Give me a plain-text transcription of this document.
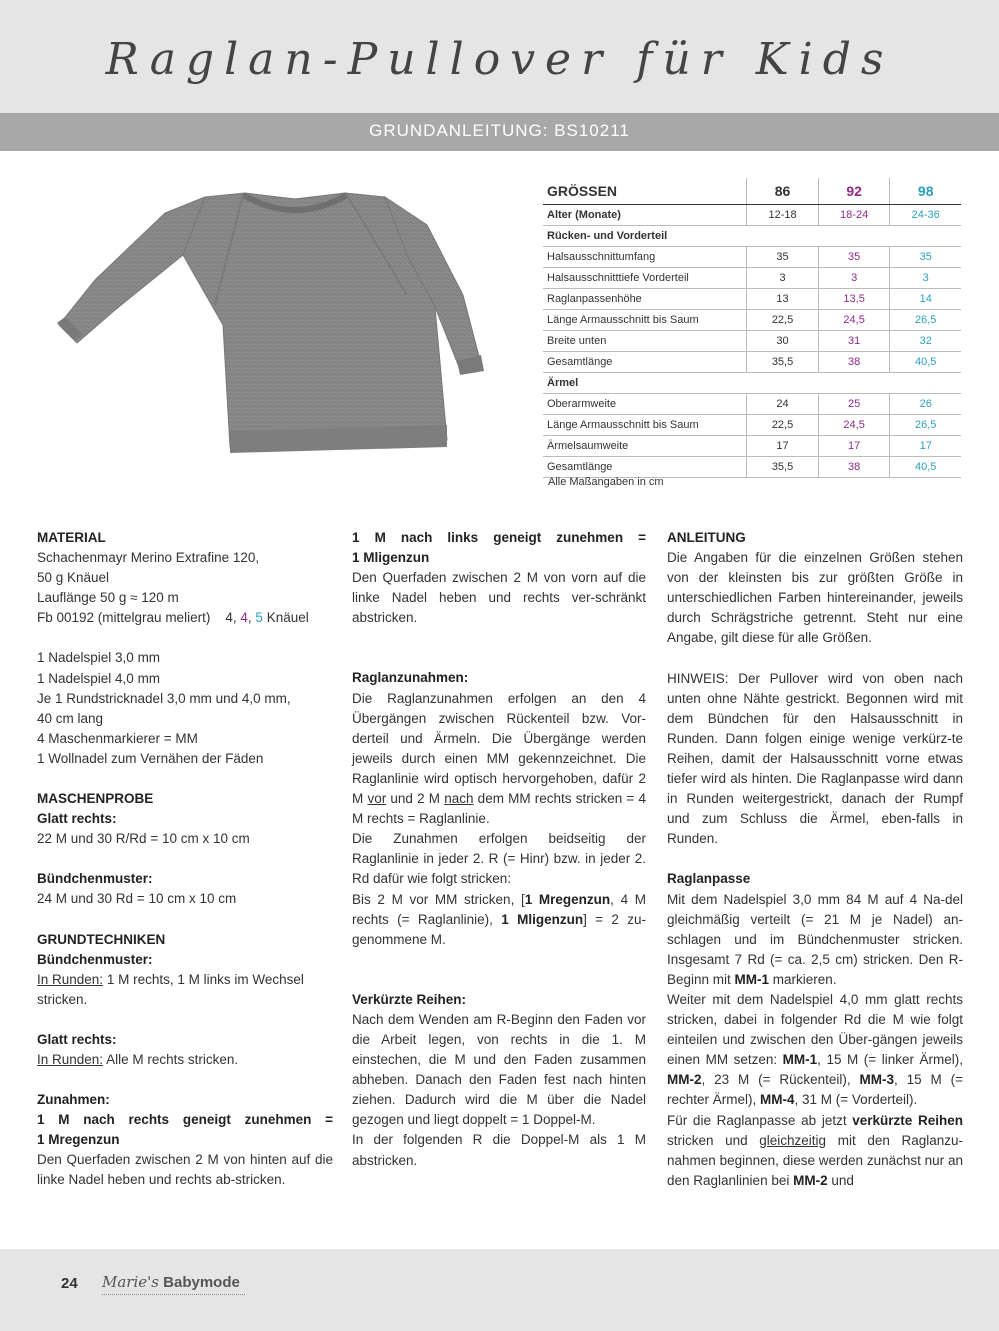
Raglan-Pullover für Kids
GRUNDANLEITUNG: BS10211
GRÖSSEN	86	92	98
Alter (Monate)	12-18	18-24	24-36
Rücken- und Vorderteil			
Halsausschnittumfang	35	35	35
Halsausschnitttiefe Vorderteil	3	3	3
Raglanpassenhöhe	13	13,5	14
Länge Armausschnitt bis Saum	22,5	24,5	26,5
Breite unten	30	31	32
Gesamtlänge	35,5	38	40,5
Ärmel			
Oberarmweite	24	25	26
Länge Armausschnitt bis Saum	22,5	24,5	26,5
Ärmelsaumweite	17	17	17
Gesamtlänge	35,5	38	40,5
Alle Maßangaben in cm

MATERIAL

Schachenmayr Merino Extrafine 120,

50 g Knäuel

Lauflänge 50 g ≈ 120 m

Fb 00192 (mittelgrau meliert) 4, 4, 5 Knäuel

1 Nadelspiel 3,0 mm

1 Nadelspiel 4,0 mm

Je 1 Rundstricknadel 3,0 mm und 4,0 mm,

40 cm lang

4 Maschenmarkierer = MM

1 Wollnadel zum Vernähen der Fäden

MASCHENPROBE

Glatt rechts:

22 M und 30 R/Rd = 10 cm x 10 cm

Bündchenmuster:

24 M und 30 Rd = 10 cm x 10 cm

GRUNDTECHNIKEN

Bündchenmuster:

In Runden: 1 M rechts, 1 M links im Wechsel

stricken.

Glatt rechts:

In Runden: Alle M rechts stricken.

Zunahmen:

1 M nach rechts geneigt zunehmen =

1 Mregenzun

Den Querfaden zwischen 2 M von hinten auf die linke Nadel heben und rechts ab-stricken.

1 M nach links geneigt zunehmen =

1 Mligenzun

Den Querfaden zwischen 2 M von vorn auf die linke Nadel heben und rechts ver-schränkt abstricken.

Raglanzunahmen:

Die Raglanzunahmen erfolgen an den 4 Übergängen zwischen Rückenteil bzw. Vor-derteil und Ärmeln. Die Übergänge werden jeweils durch einen MM gekennzeichnet. Die Raglanlinie wird optisch hervorgehoben, dafür 2 M vor und 2 M nach dem MM rechts stricken = 4 M rechts = Raglanlinie.

Die Zunahmen erfolgen beidseitig der Raglanlinie in jeder 2. R (= Hinr) bzw. in jeder 2. Rd dafür wie folgt stricken:

Bis 2 M vor MM stricken, [1 Mregenzun, 4 M rechts (= Raglanlinie), 1 Mligenzun] = 2 zu-genommene M.

Verkürzte Reihen:

Nach dem Wenden am R-Beginn den Faden vor die Arbeit legen, von rechts in die 1. M einstechen, die M und den Faden zusammen abheben. Danach den Faden fest nach hinten ziehen. Dadurch wird die M über die Nadel gezogen und liegt doppelt = 1 Doppel-M.

In der folgenden R die Doppel-M als 1 M abstricken.

ANLEITUNG

Die Angaben für die einzelnen Größen stehen von der kleinsten bis zur größten Größe in unterschiedlichen Farben hintereinander, jeweils durch Schrägstriche getrennt. Steht nur eine Angabe, gilt diese für alle Größen.

HINWEIS: Der Pullover wird von oben nach unten ohne Nähte gestrickt. Begonnen wird mit dem Bündchen für den Halsausschnitt in Runden. Dann folgen einige wenige verkürz-te Reihen, damit der Halsausschnitt vorne etwas tiefer wird als hinten. Die Raglanpasse wird dann in Runden weitergestrickt, danach der Rumpf und zum Schluss die Ärmel, eben-falls in Runden.

Raglanpasse

Mit dem Nadelspiel 3,0 mm 84 M auf 4 Na-del gleichmäßig verteilt (= 21 M je Nadel) an-schlagen und im Bündchenmuster stricken. Insgesamt 7 Rd (= ca. 2,5 cm) stricken. Den R-Beginn mit MM-1 markieren.

Weiter mit dem Nadelspiel 4,0 mm glatt rechts stricken, dabei in folgender Rd die M wie folgt einteilen und zwischen den Über-gängen jeweils einen MM setzen: MM-1, 15 M (= linker Ärmel), MM-2, 23 M (= Rückenteil), MM-3, 15 M (= rechter Ärmel), MM-4, 31 M (= Vorderteil).

Für die Raglanpasse ab jetzt verkürzte Reihen stricken und gleichzeitig mit den Raglanzu-nahmen beginnen, diese werden zunächst nur an den Raglanlinien bei MM-2 und

24 Marie's Babymode
